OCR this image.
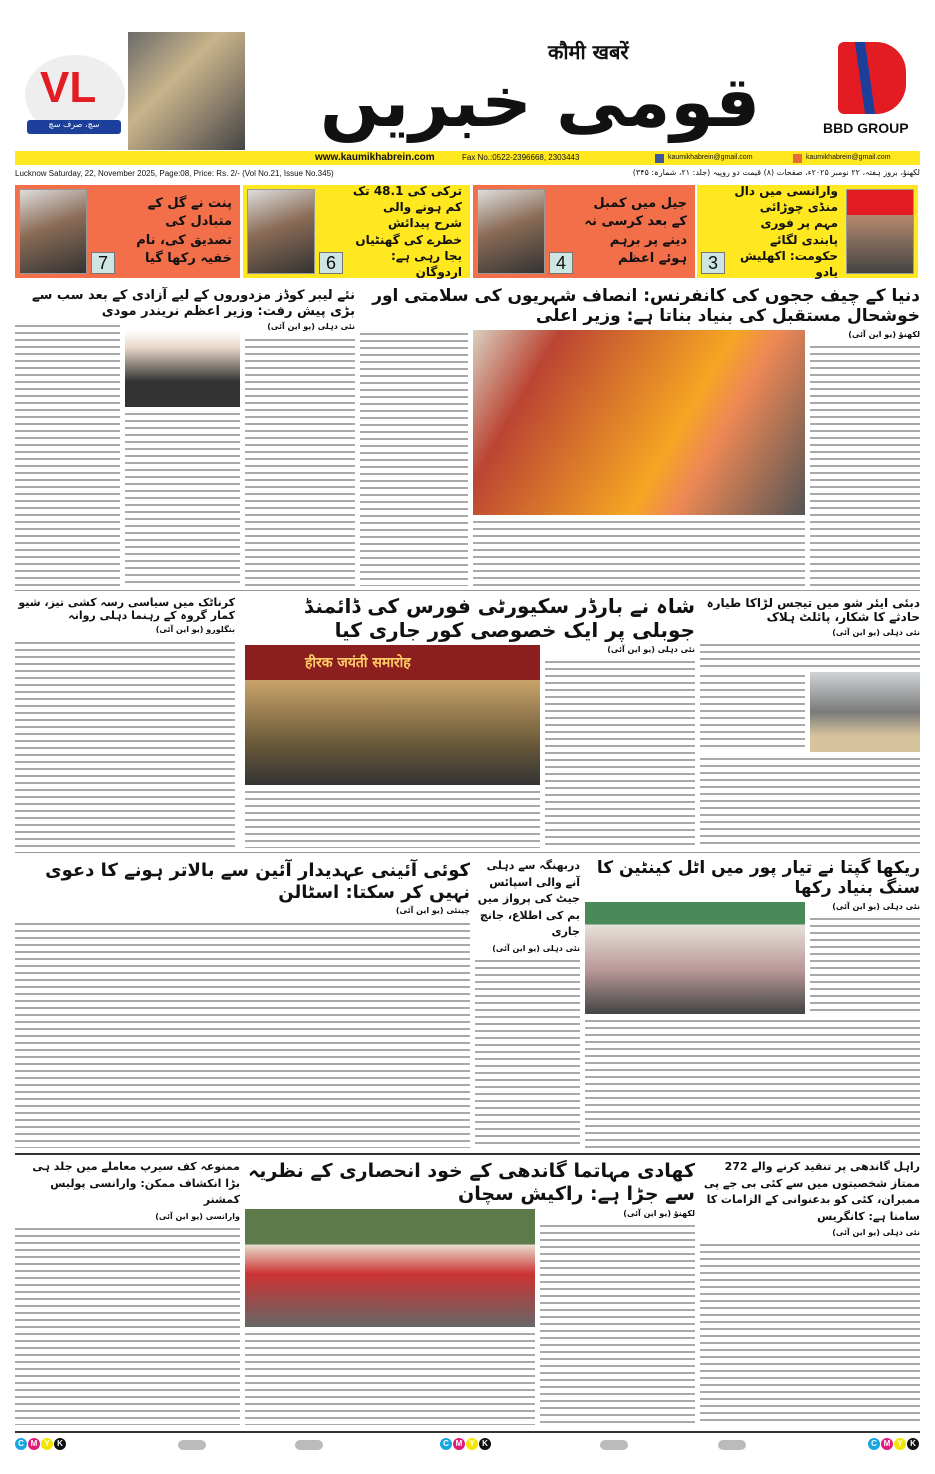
VL
سچ، صرف سچ
कौमी खबरें
قومی خبریں	BBD GROUP
www.kaumikhabrein.com	Fax No.:0522-2396668, 2303443	kaumikhabrein@gmail.com	kaumikhabrein@gmail.com
Lucknow Saturday, 22, November 2025, Page:08, Price: Rs. 2/- (Vol No.21, Issue No.345)	لکھنؤ، بروز ہفتہ، ۲۲ نومبر ۲۰۲۵ء، صفحات (۸) قیمت دو روپیہ (جلد: ۲۱، شمارہ: ۳۴۵)
7
پنت نے گل کے متبادل کی تصدیق کی، نام خفیہ رکھا گیا	6
ترکی کی 48.1 تک کم ہونے والی شرح پیدائش خطرے کی گھنٹیاں بجا رہی ہے: اردوگان	4
جیل میں کمبل کے بعد کرسی نہ دینے پر برہم ہوئے اعظم	3
وارانسی میں دال منڈی چوڑائی مہم پر فوری پابندی لگائے حکومت: اکھلیش یادو
دنیا کے چیف ججوں کی کانفرنس: انصاف شہریوں کی سلامتی اور خوشحال مستقبل کی بنیاد بناتا ہے: وزیر اعلی
لکھنؤ (یو این آئی)
نئے لیبر کوڈز مزدوروں کے لیے آزادی کے بعد سب سے بڑی پیش رفت: وزیر اعظم نریندر مودی
نئی دہلی (یو این آئی)
دبئی ایئر شو میں تیجس لڑاکا طیارہ حادثے کا شکار، پائلٹ ہلاک
نئی دہلی (یو این آئی)
شاہ نے بارڈر سکیورٹی فورس کی ڈائمنڈ جوبلی پر ایک خصوصی کور جاری کیا
हीरक जयंती समारोह
نئی دہلی (یو این آئی)
کرناٹک میں سیاسی رسہ کشی تیز، شیو کمار گروہ کے رہنما دہلی روانہ
بنگلورو (یو این آئی)
ریکھا گپتا نے تیار پور میں اٹل کینٹین کا سنگ بنیاد رکھا
نئی دہلی (یو این آئی)
دربھنگہ سے دہلی آنے والی اسپائس جیٹ کی پرواز میں بم کی اطلاع، جانچ جاری
نئی دہلی (یو این آئی)
کوئی آئینی عہدیدار آئین سے بالاتر ہونے کا دعوی نہیں کر سکتا: اسٹالن
چینئی (یو این آئی)
راہل گاندھی پر تنقید کرنے والے 272 ممتاز شخصیتوں میں سے کئی بی جے پی ممبران، کئی کو بدعنوانی کے الزامات کا سامنا ہے: کانگریس
نئی دہلی (یو این آئی)
کھادی مہاتما گاندھی کے خود انحصاری کے نظریہ سے جڑا ہے: راکیش سچان
لکھنؤ (یو این آئی)
ممنوعہ کف سیرپ معاملے میں جلد ہی بڑا انکشاف ممکن: وارانسی پولیس کمشنر
وارانسی (یو این آئی)
C M Y K	C M Y K	C M Y K
